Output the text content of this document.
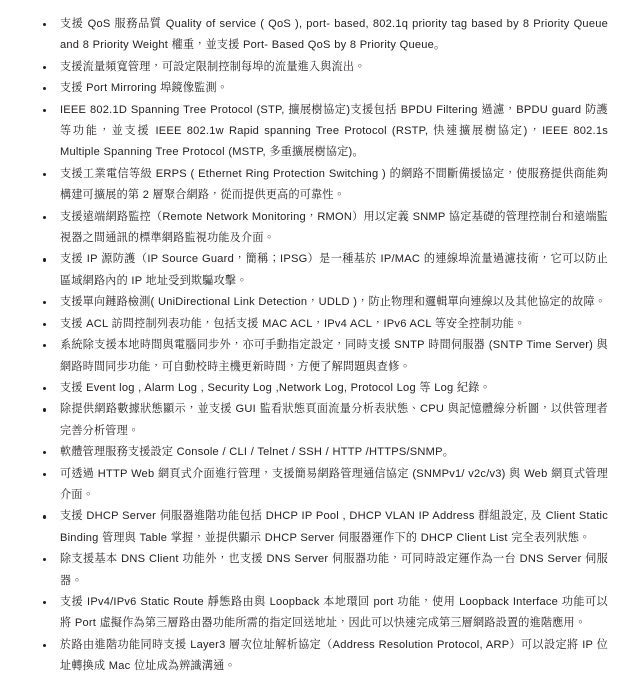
支援 QoS 服務品質 Quality of service ( QoS ), port- based, 802.1q priority tag based by 8 Priority Queue and 8 Priority Weight 權重，並支援 Port- Based QoS by 8 Priority Queue。
支援流量頻寬管理，可設定限制控制每埠的流量進入與流出。
支援 Port Mirroring 埠鏡像監測。
IEEE 802.1D Spanning Tree Protocol (STP, 擴展樹協定)支援包括 BPDU Filtering 過濾，BPDU guard 防護等功能，並支援 IEEE 802.1w Rapid spanning Tree Protocol (RSTP, 快速擴展樹協定)，IEEE 802.1s Multiple Spanning Tree Protocol (MSTP, 多重擴展樹協定)。
支援工業電信等級 ERPS ( Ethernet Ring Protection Switching ) 的網路不間斷備援協定，使服務提供商能夠構建可擴展的第 2 層聚合網路，從而提供更高的可靠性。
支援遠端網路監控（Remote Network Monitoring，RMON）用以定義 SNMP 協定基礎的管理控制台和遠端監視器之間通訊的標準網路監視功能及介面。
支援 IP 源防護（IP Source Guard，簡稱；IPSG）是一種基於 IP/MAC 的連線埠流量過濾技術，它可以防止區域網路內的 IP 地址受到欺騙攻擊。
支援單向鏈路檢測( UniDirectional Link Detection，UDLD )，防止物理和邏輯單向連線以及其他協定的故障。
支援 ACL 訪問控制列表功能，包括支援 MAC ACL，IPv4 ACL，IPv6 ACL 等安全控制功能。
系統除支援本地時間與電腦同步外，亦可手動指定設定，同時支援 SNTP 時間伺服器 (SNTP Time Server) 與網路時間同步功能，可自動校時主機更新時間，方便了解問題與查修。
支援 Event log , Alarm Log , Security Log ,Network Log, Protocol Log 等 Log 紀錄。
除提供網路數據狀態顯示，並支援 GUI 監看狀態頁面流量分析表狀態、CPU 與記憶體線分析圖，以供管理者完善分析管理。
軟體管理服務支援設定 Console / CLI / Telnet / SSH / HTTP /HTTPS/SNMP。
可透過 HTTP Web 網頁式介面進行管理，支援簡易網路管理通信協定 (SNMPv1/ v2c/v3) 與 Web 網頁式管理介面。
支援 DHCP Server 伺服器進階功能包括 DHCP IP Pool , DHCP VLAN IP Address 群組設定, 及 Client Static Binding 管理與 Table 掌握，並提供顯示 DHCP Server 伺服器運作下的 DHCP Client List 完全表列狀態。
除支援基本 DNS Client 功能外，也支援 DNS Server 伺服器功能，可同時設定運作為一台 DNS Server 伺服器。
支援 IPv4/IPv6 Static Route 靜態路由與 Loopback 本地環回 port 功能，使用 Loopback Interface 功能可以將 Port 虛擬作為第三層路由器功能所需的指定回送地址，因此可以快速完成第三層網路設置的進階應用。
於路由進階功能同時支援 Layer3 層次位址解析協定（Address Resolution Protocol, ARP）可以設定將 IP 位址轉換成 Mac 位址成為辨識溝通。
